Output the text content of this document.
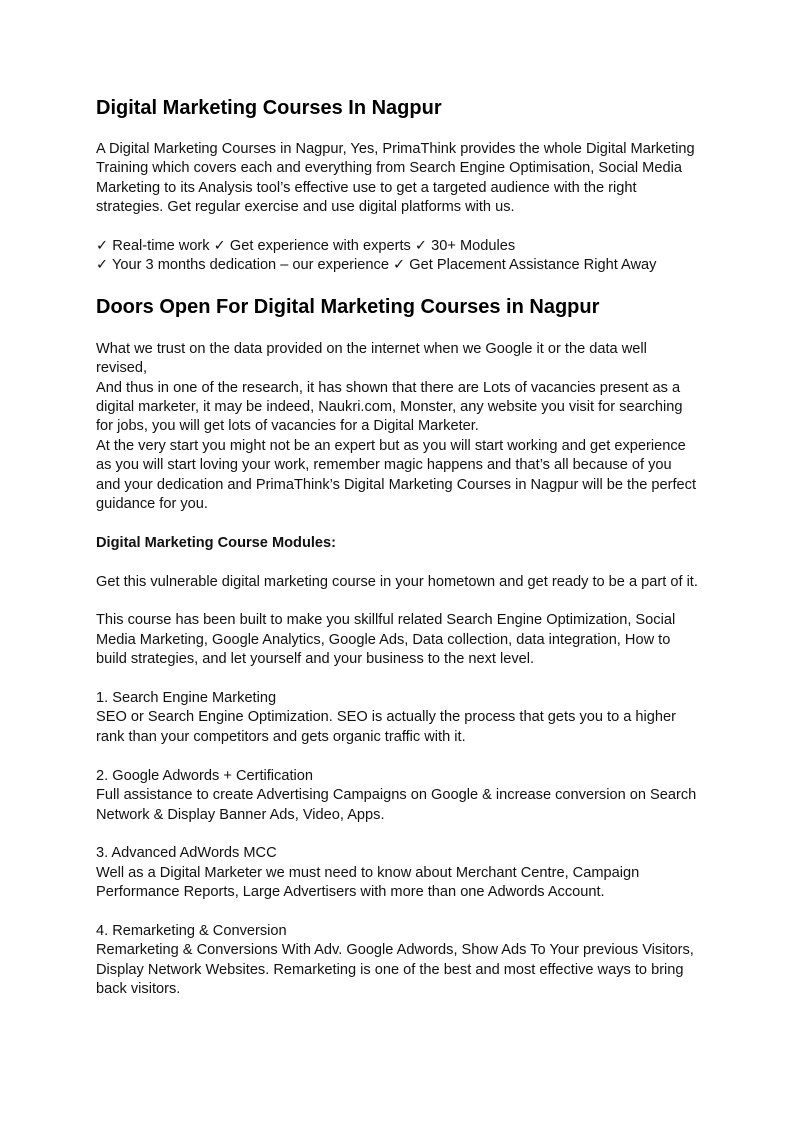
Digital Marketing Courses In Nagpur

A Digital Marketing Courses in Nagpur, Yes, PrimaThink provides the whole Digital Marketing Training which covers each and everything from Search Engine Optimisation, Social Media Marketing to its Analysis tool’s effective use to get a targeted audience with the right strategies. Get regular exercise and use digital platforms with us.

✓ Real-time work ✓ Get experience with experts ✓ 30+ Modules
✓ Your 3 months dedication – our experience ✓ Get Placement Assistance Right Away

Doors Open For Digital Marketing Courses in Nagpur

What we trust on the data provided on the internet when we Google it or the data well revised,
And thus in one of the research, it has shown that there are Lots of vacancies present as a digital marketer, it may be indeed, Naukri.com, Monster, any website you visit for searching for jobs, you will get lots of vacancies for a Digital Marketer.
At the very start you might not be an expert but as you will start working and get experience as you will start loving your work, remember magic happens and that’s all because of you and your dedication and PrimaThink’s Digital Marketing Courses in Nagpur will be the perfect guidance for you.

Digital Marketing Course Modules:

Get this vulnerable digital marketing course in your hometown and get ready to be a part of it.

This course has been built to make you skillful related Search Engine Optimization, Social Media Marketing, Google Analytics, Google Ads, Data collection, data integration, How to build strategies, and let yourself and your business to the next level.

1. Search Engine Marketing
SEO or Search Engine Optimization. SEO is actually the process that gets you to a higher rank than your competitors and gets organic traffic with it.

2. Google Adwords + Certification
Full assistance to create Advertising Campaigns on Google & increase conversion on Search Network & Display Banner Ads, Video, Apps.

3. Advanced AdWords MCC
Well as a Digital Marketer we must need to know about Merchant Centre, Campaign Performance Reports, Large Advertisers with more than one Adwords Account.

4. Remarketing & Conversion
Remarketing & Conversions With Adv. Google Adwords, Show Ads To Your previous Visitors, Display Network Websites. Remarketing is one of the best and most effective ways to bring back visitors.
